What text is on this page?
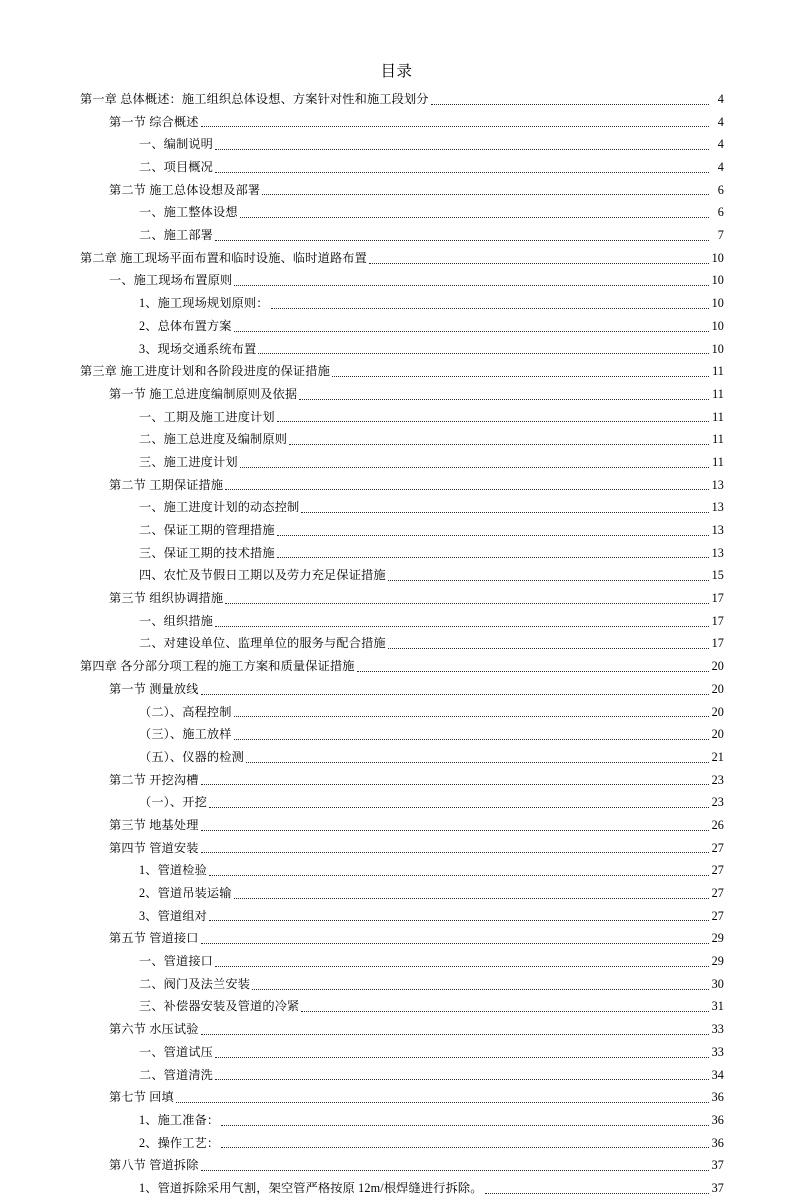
目录
第一章 总体概述：施工组织总体设想、方案针对性和施工段划分	4
第一节 综合概述	4
一、编制说明	4
二、项目概况	4
第二节 施工总体设想及部署	6
一、施工整体设想	6
二、施工部署	7
第二章 施工现场平面布置和临时设施、临时道路布置	10
一、施工现场布置原则	10
1、施工现场规划原则：	10
2、总体布置方案	10
3、现场交通系统布置	10
第三章 施工进度计划和各阶段进度的保证措施	11
第一节 施工总进度编制原则及依据	11
一、工期及施工进度计划	11
二、施工总进度及编制原则	11
三、施工进度计划	11
第二节 工期保证措施	13
一、施工进度计划的动态控制	13
二、保证工期的管理措施	13
三、保证工期的技术措施	13
四、农忙及节假日工期以及劳力充足保证措施	15
第三节 组织协调措施	17
一、组织措施	17
二、对建设单位、监理单位的服务与配合措施	17
第四章 各分部分项工程的施工方案和质量保证措施	20
第一节 测量放线	20
（二）、高程控制	20
（三）、施工放样	20
（五）、仪器的检测	21
第二节 开挖沟槽	23
（一）、开挖	23
第三节 地基处理	26
第四节 管道安装	27
1、管道检验	27
2、管道吊装运输	27
3、管道组对	27
第五节 管道接口	29
一、管道接口	29
二、阀门及法兰安装	30
三、补偿器安装及管道的冷紧	31
第六节 水压试验	33
一、管道试压	33
二、管道清洗	34
第七节 回填	36
1、施工准备：	36
2、操作工艺：	36
第八节 管道拆除	37
1、管道拆除采用气割，架空管严格按原 12m/根焊缝进行拆除。	37
